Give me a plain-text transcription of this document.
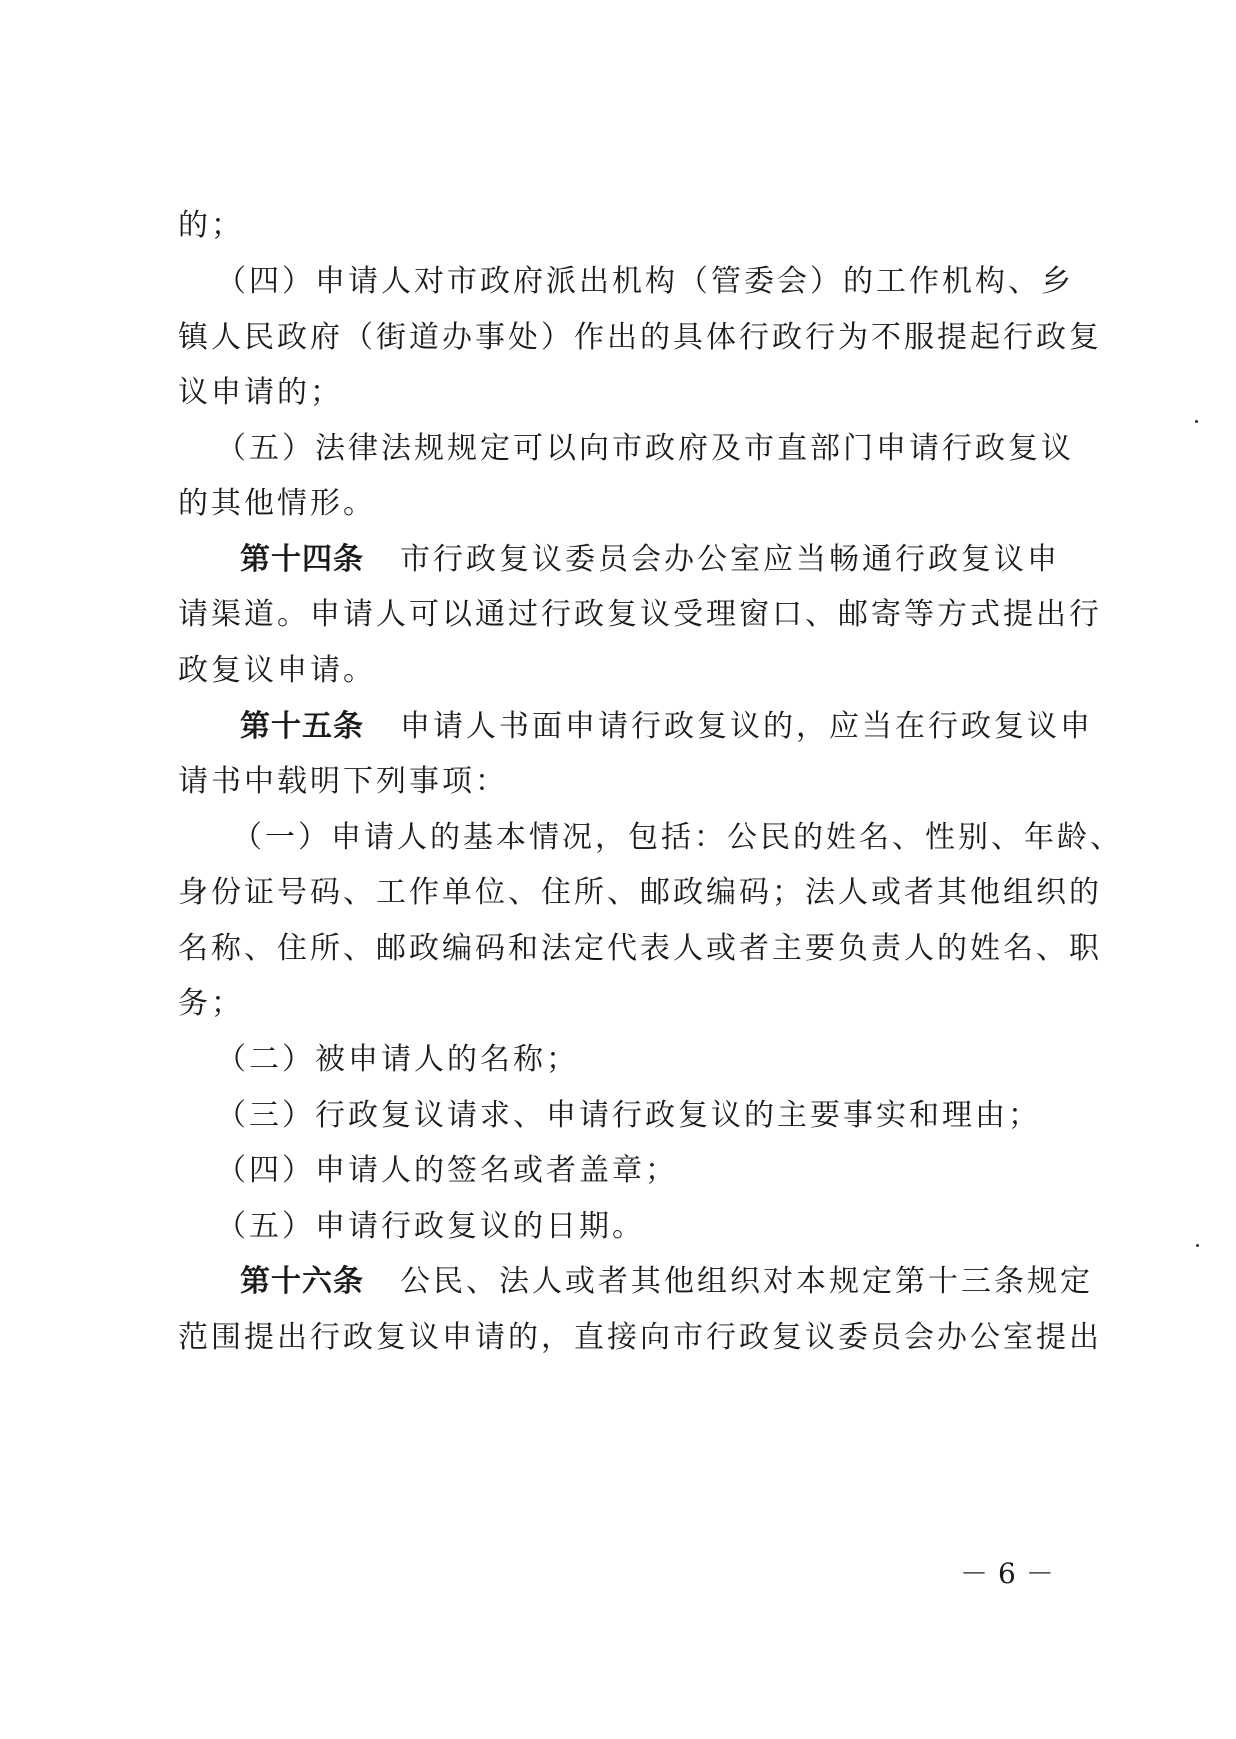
的；
（四）申请人对市政府派出机构（管委会）的工作机构、乡
镇人民政府（街道办事处）作出的具体行政行为不服提起行政复
议申请的；
（五）法律法规规定可以向市政府及市直部门申请行政复议
的其他情形。
第十四条 市行政复议委员会办公室应当畅通行政复议申
请渠道。申请人可以通过行政复议受理窗口、邮寄等方式提出行
政复议申请。
第十五条 申请人书面申请行政复议的，应当在行政复议申
请书中载明下列事项：
（一）申请人的基本情况，包括：公民的姓名、性别、年龄、
身份证号码、工作单位、住所、邮政编码；法人或者其他组织的
名称、住所、邮政编码和法定代表人或者主要负责人的姓名、职
务；
（二）被申请人的名称；
（三）行政复议请求、申请行政复议的主要事实和理由；
（四）申请人的签名或者盖章；
（五）申请行政复议的日期。
第十六条 公民、法人或者其他组织对本规定第十三条规定
范围提出行政复议申请的，直接向市行政复议委员会办公室提出
－6－
